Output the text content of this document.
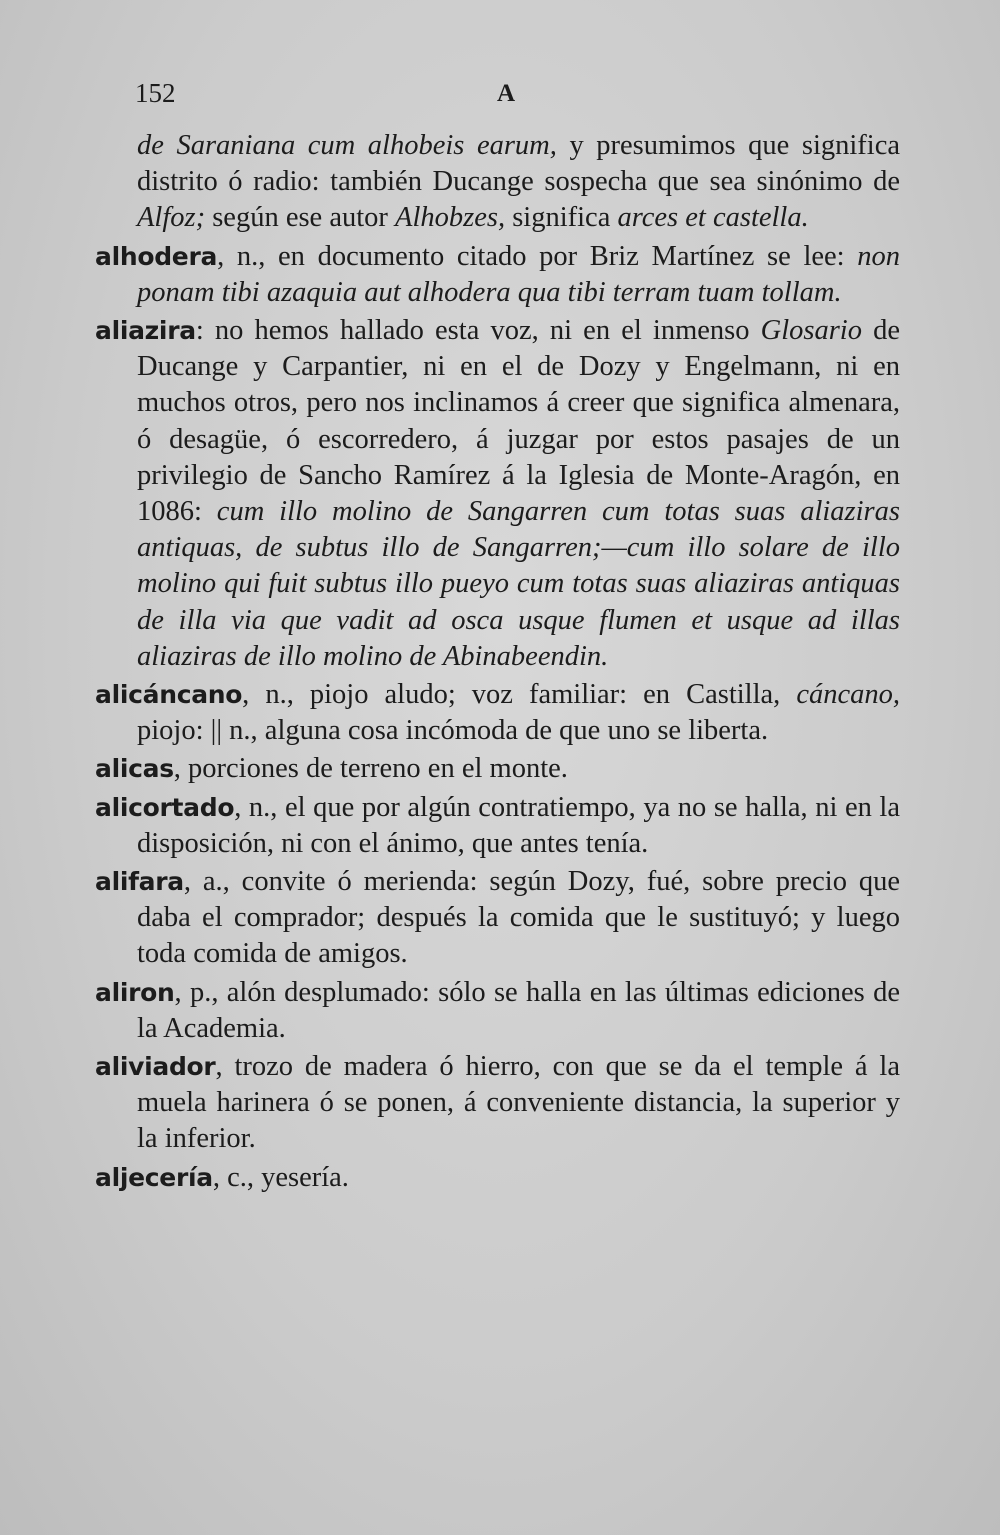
152	A

de Saraniana cum alhobeis earum, y presumimos que significa distrito ó radio: también Ducange sospecha que sea sinónimo de Alfoz; según ese autor Alhobzes, significa arces et castella.

alhodera, n., en documento citado por Briz Martínez se lee: non ponam tibi azaquia aut alhodera qua tibi terram tuam tollam.

aliazira: no hemos hallado esta voz, ni en el inmenso Glosario de Ducange y Carpantier, ni en el de Dozy y Engelmann, ni en muchos otros, pero nos inclinamos á creer que significa almenara, ó desagüe, ó escorredero, á juzgar por estos pasajes de un privilegio de Sancho Ramírez á la Iglesia de Monte-Aragón, en 1086: cum illo molino de Sangarren cum totas suas aliaziras antiquas, de subtus illo de Sangarren;—cum illo solare de illo molino qui fuit subtus illo pueyo cum totas suas aliaziras antiquas de illa via que vadit ad osca usque flumen et usque ad illas aliaziras de illo molino de Abinabeendin.

alicáncano, n., piojo aludo; voz familiar: en Castilla, cáncano, piojo: || n., alguna cosa incómoda de que uno se liberta.

alicas, porciones de terreno en el monte.

alicortado, n., el que por algún contratiempo, ya no se halla, ni en la disposición, ni con el ánimo, que antes tenía.

alifara, a., convite ó merienda: según Dozy, fué, sobre precio que daba el comprador; después la comida que le sustituyó; y luego toda comida de amigos.

aliron, p., alón desplumado: sólo se halla en las últimas ediciones de la Academia.

aliviador, trozo de madera ó hierro, con que se da el temple á la muela harinera ó se ponen, á conveniente distancia, la superior y la inferior.

aljecería, c., yesería.
